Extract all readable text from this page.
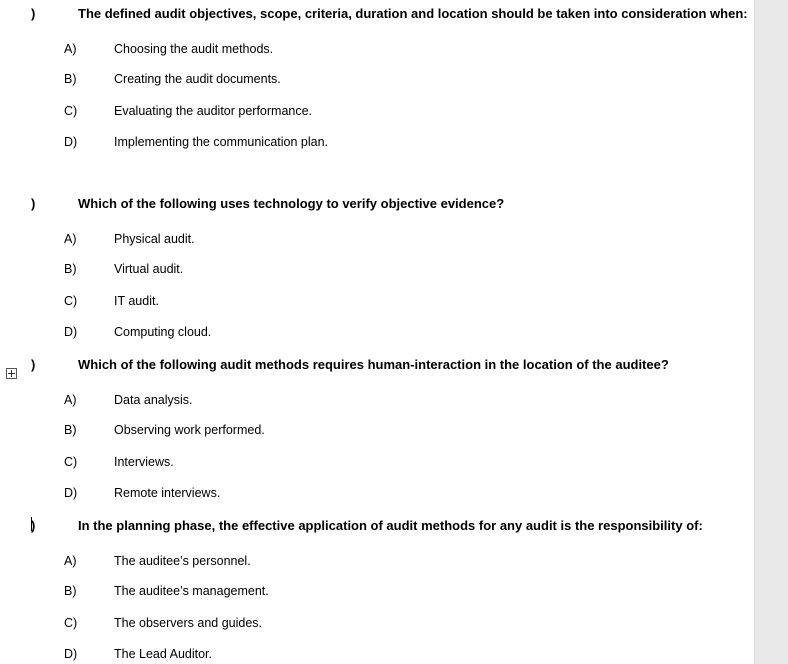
)	The defined audit objectives, scope, criteria, duration and location should be taken into consideration when:
A)	Choosing the audit methods.
B)	Creating the audit documents.
C)	Evaluating the auditor performance.
D)	Implementing the communication plan.
)	Which of the following uses technology to verify objective evidence?
A)	Physical audit.
B)	Virtual audit.
C)	IT audit.
D)	Computing cloud.
)	Which of the following audit methods requires human-interaction in the location of the auditee?
A)	Data analysis.
B)	Observing work performed.
C)	Interviews.
D)	Remote interviews.
)	In the planning phase, the effective application of audit methods for any audit is the responsibility of:
A)	The auditee’s personnel.
B)	The auditee’s management.
C)	The observers and guides.
D)	The Lead Auditor.
